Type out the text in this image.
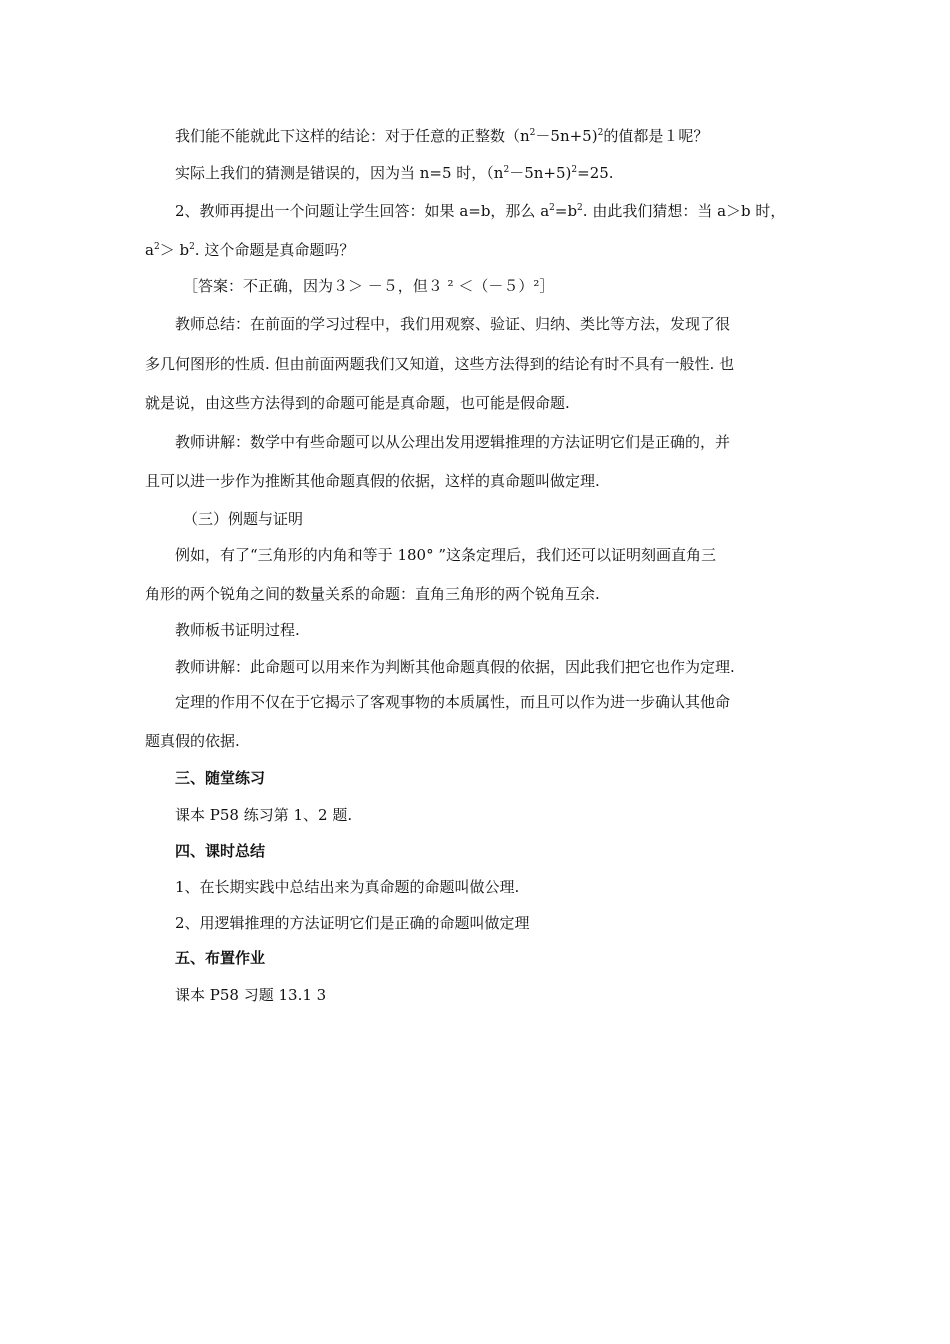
我们能不能就此下这样的结论：对于任意的正整数$(n^2-5n+5)^2$的值都是１呢？
实际上我们的猜测是错误的，因为当 n=5 时，$(n^2-5n+5)^2=25$.
2、教师再提出一个问题让学生回答：如果 a=b，那么 $a^2=b^2$. 由此我们猜想：当 a＞b 时，
$a^2> b^2$. 这个命题是真命题吗？
［答案：不正确，因为３＞ －５，但３ ² ＜（－５）²］
教师总结：在前面的学习过程中，我们用观察、验证、归纳、类比等方法，发现了很
多几何图形的性质. 但由前面两题我们又知道，这些方法得到的结论有时不具有一般性. 也
就是说，由这些方法得到的命题可能是真命题，也可能是假命题.
教师讲解：数学中有些命题可以从公理出发用逻辑推理的方法证明它们是正确的，并
且可以进一步作为推断其他命题真假的依据，这样的真命题叫做定理.
（三）例题与证明
例如，有了“三角形的内角和等于 180° ”这条定理后，我们还可以证明刻画直角三
角形的两个锐角之间的数量关系的命题：直角三角形的两个锐角互余.
教师板书证明过程.
教师讲解：此命题可以用来作为判断其他命题真假的依据，因此我们把它也作为定理.
定理的作用不仅在于它揭示了客观事物的本质属性，而且可以作为进一步确认其他命
题真假的依据.
三、随堂练习
课本 P58 练习第 1、2 题.
四、课时总结
1、在长期实践中总结出来为真命题的命题叫做公理.
2、用逻辑推理的方法证明它们是正确的命题叫做定理
五、布置作业
课本 P58 习题 13.1 3
